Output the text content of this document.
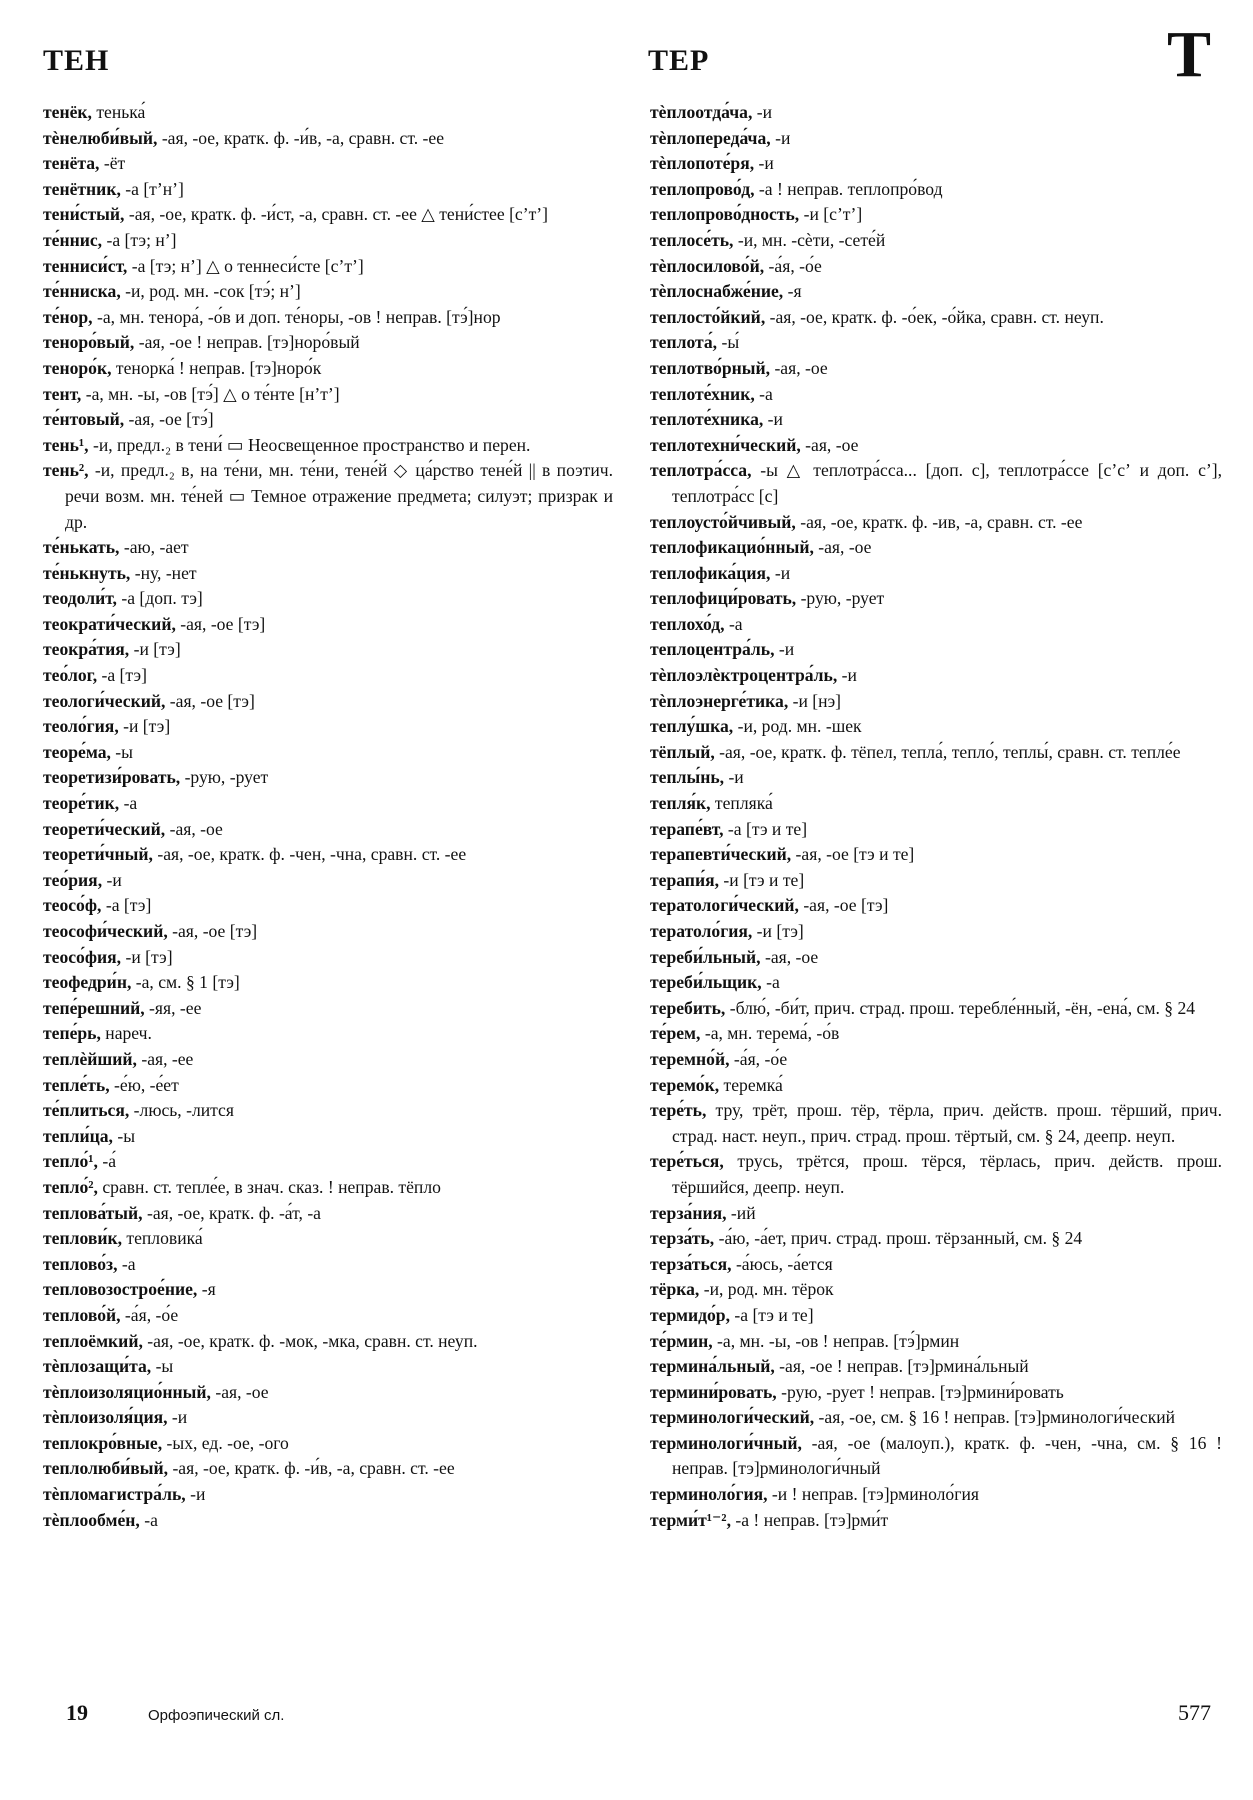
ТЕН	ТЕР	Т
тенёк, тенька́
тѐнелюби́вый, -ая, -ое, кратк. ф. -и́в, -а, сравн. ст. -ее
тенёта, -ёт
тенётник, -а [тʼнʼ]
тени́стый, -ая, -ое, кратк. ф. -и́ст, -а, сравн. ст. -ее △ тени́стее [сʼтʼ]
те́ннис, -а [тэ; нʼ]
тенниси́ст, -а [тэ; нʼ] △ о теннеси́сте [сʼтʼ]
те́нниска, -и, род. мн. -сок [тэ́; нʼ]
те́нор, -а, мн. тенора́, -о́в и доп. те́норы, -ов ! неправ. [тэ́]нор
теноро́вый, -ая, -ое ! неправ. [тэ]норо́вый
теноро́к, тенорка́ ! неправ. [тэ]норо́к
тент, -а, мн. -ы, -ов [тэ́] △ о те́нте [нʼтʼ]
те́нтовый, -ая, -ое [тэ́]
тень¹, -и, предл.₂ в тени́ ▭ Неосвещенное пространство и перен.
тень², -и, предл.₂ в, на те́ни, мн. те́ни, тене́й ◇ ца́рство тене́й || в поэтич. речи возм. мн. те́ней ▭ Темное отражение предмета; силуэт; призрак и др.
те́нькать, -аю, -ает
те́нькнуть, -ну, -нет
теодоли́т, -а [доп. тэ]
теократи́ческий, -ая, -ое [тэ]
теокра́тия, -и [тэ]
тео́лог, -а [тэ]
теологи́ческий, -ая, -ое [тэ]
теоло́гия, -и [тэ]
теоре́ма, -ы
теоретизи́ровать, -рую, -рует
теоре́тик, -а
теорети́ческий, -ая, -ое
теорети́чный, -ая, -ое, кратк. ф. -чен, -чна, сравн. ст. -ее
тео́рия, -и
теосо́ф, -а [тэ]
теософи́ческий, -ая, -ое [тэ]
теосо́фия, -и [тэ]
теофедри́н, -а, см. § 1 [тэ]
тепе́решний, -яя, -ее
тепе́рь, нареч.
теплѐйший, -ая, -ее
тепле́ть, -е́ю, -е́ет
те́плиться, -люсь, -лится
тепли́ца, -ы
тепло́¹, -а́
тепло́², сравн. ст. тепле́е, в знач. сказ. ! неправ. тёпло
теплова́тый, -ая, -ое, кратк. ф. -а́т, -а
теплови́к, тепловика́
теплово́з, -а
тепловозострое́ние, -я
теплово́й, -а́я, -о́е
теплоёмкий, -ая, -ое, кратк. ф. -мок, -мка, сравн. ст. неуп.
тѐплозащи́та, -ы
тѐплоизоляцио́нный, -ая, -ое
тѐплоизоля́ция, -и
теплокро́вные, -ых, ед. -ое, -ого
теплолюби́вый, -ая, -ое, кратк. ф. -и́в, -а, сравн. ст. -ее
тѐпломагистра́ль, -и
тѐплообме́н, -а
тѐплоотда́ча, -и
тѐплопереда́ча, -и
тѐплопоте́ря, -и
теплопрово́д, -а ! неправ. теплопро́вод
теплопрово́дность, -и [сʼтʼ]
теплосе́ть, -и, мн. -сѐти, -сете́й
тѐплосилово́й, -а́я, -о́е
тѐплоснабже́ние, -я
теплосто́йкий, -ая, -ое, кратк. ф. -о́ек, -о́йка, сравн. ст. неуп.
теплота́, -ы́
теплотво́рный, -ая, -ое
теплоте́хник, -а
теплоте́хника, -и
теплотехни́ческий, -ая, -ое
теплотра́сса, -ы △ теплотра́сса... [доп. с], теплотра́ссе [сʼсʼ и доп. сʼ], теплотра́сс [с]
теплоусто́йчивый, -ая, -ое, кратк. ф. -ив, -а, сравн. ст. -ее
теплофикацио́нный, -ая, -ое
теплофика́ция, -и
теплофици́ровать, -рую, -рует
теплохо́д, -а
теплоцентра́ль, -и
тѐплоэлѐктроцентра́ль, -и
тѐплоэнерге́тика, -и [нэ]
теплу́шка, -и, род. мн. -шек
тёплый, -ая, -ое, кратк. ф. тёпел, тепла́, тепло́, теплы́, сравн. ст. тепле́е
теплы́нь, -и
тепля́к, тепляка́
терапе́вт, -а [тэ и те]
терапевти́ческий, -ая, -ое [тэ и те]
терапи́я, -и [тэ и те]
тератологи́ческий, -ая, -ое [тэ]
тератоло́гия, -и [тэ]
тереби́льный, -ая, -ое
тереби́льщик, -а
теребить, -блю́, -би́т, прич. страд. прош. теребле́нный, -ён, -ена́, см. § 24
те́рем, -а, мн. терема́, -о́в
теремно́й, -а́я, -о́е
теремо́к, теремка́
тере́ть, тру, трёт, прош. тёр, тёрла, прич. действ. прош. тёрший, прич. страд. наст. неуп., прич. страд. прош. тёртый, см. § 24, деепр. неуп.
тере́ться, трусь, трётся, прош. тёрся, тёрлась, прич. действ. прош. тёршийся, деепр. неуп.
терза́ния, -ий
терза́ть, -а́ю, -а́ет, прич. страд. прош. тёрзанный, см. § 24
терза́ться, -а́юсь, -а́ется
тёрка, -и, род. мн. тёрок
термидо́р, -а [тэ и те]
те́рмин, -а, мн. -ы, -ов ! неправ. [тэ́]рмин
термина́льный, -ая, -ое ! неправ. [тэ]рмина́льный
термини́ровать, -рую, -рует ! неправ. [тэ]рмини́ровать
терминологи́ческий, -ая, -ое, см. § 16 ! неправ. [тэ]рминологи́ческий
терминологи́чный, -ая, -ое (малоуп.), кратк. ф. -чен, -чна, см. § 16 ! неправ. [тэ]рминологи́чный
терминоло́гия, -и ! неправ. [тэ]рминоло́гия
терми́т¹⁻², -а ! неправ. [тэ]рми́т
19	Орфоэпический сл.	577
